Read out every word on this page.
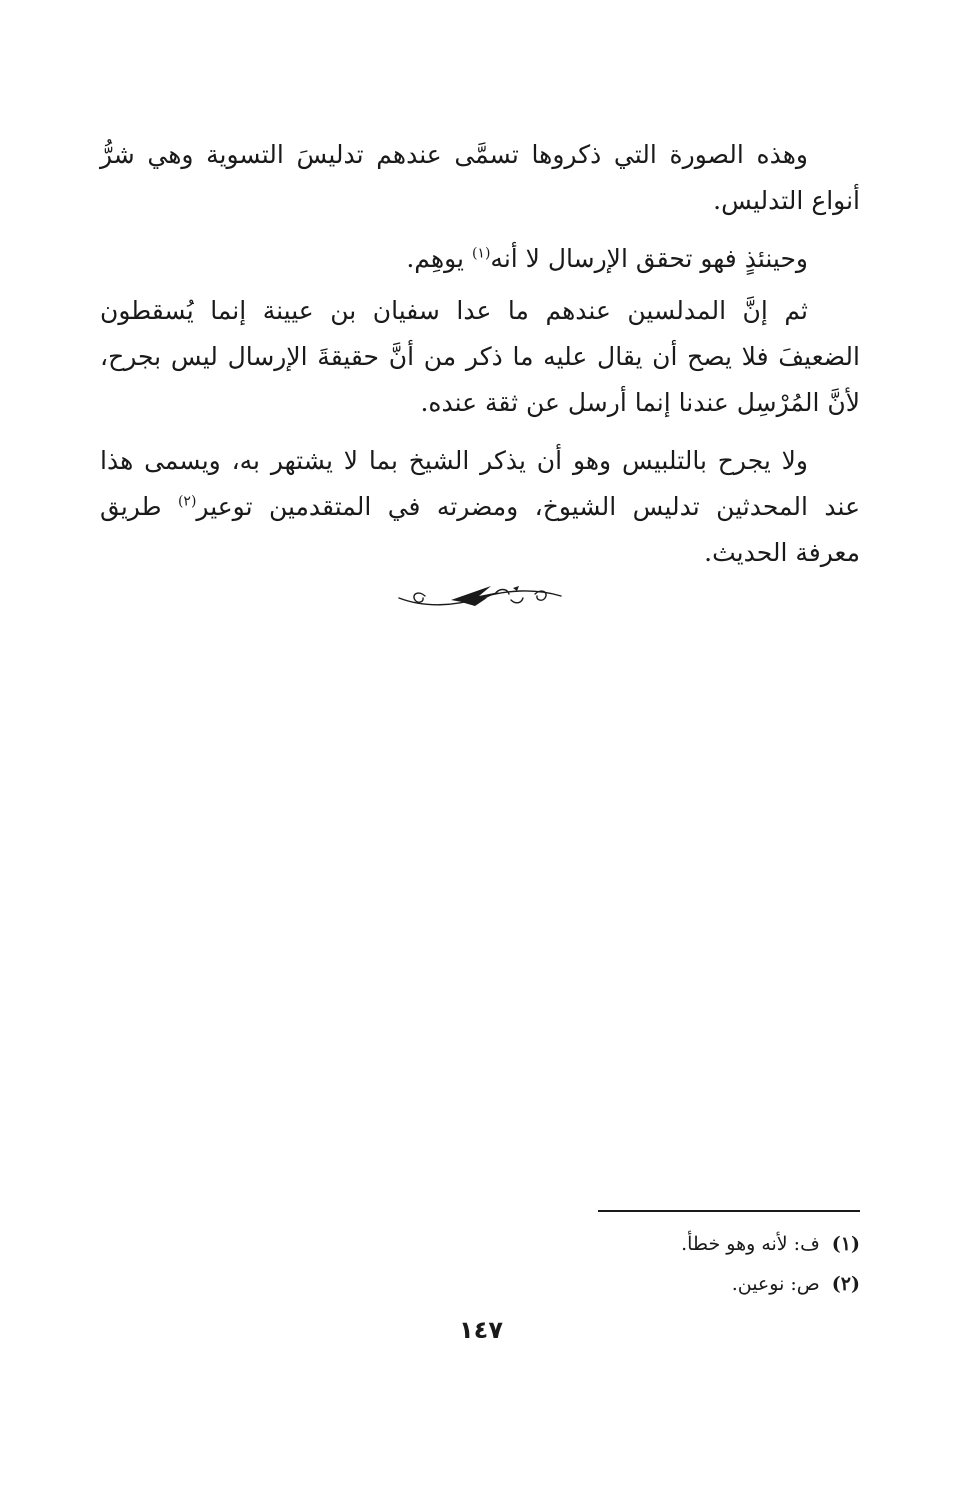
وهذه الصورة التي ذكروها تسمَّى عندهم تدليسَ التسوية وهي شرُّ أنواع التدليس.

وحينئذٍ فهو تحقق الإرسال لا أنه$^{(١)}$ يوهِم.

ثم إنَّ المدلسين عندهم ما عدا سفيان بن عيينة إنما يُسقطون الضعيفَ فلا يصح أن يقال عليه ما ذكر من أنَّ حقيقةَ الإرسال ليس بجرح، لأنَّ المُرْسِل عندنا إنما أرسل عن ثقة عنده.

ولا يجرح بالتلبيس وهو أن يذكر الشيخ بما لا يشتهر به، ويسمى هذا عند المحدثين تدليس الشيوخ، ومضرته في المتقدمين توعير$^{(٢)}$ طريق معرفة الحديث.

(١)ف: لأنه وهو خطأ.
(٢)ص: نوعين.
١٤٧
